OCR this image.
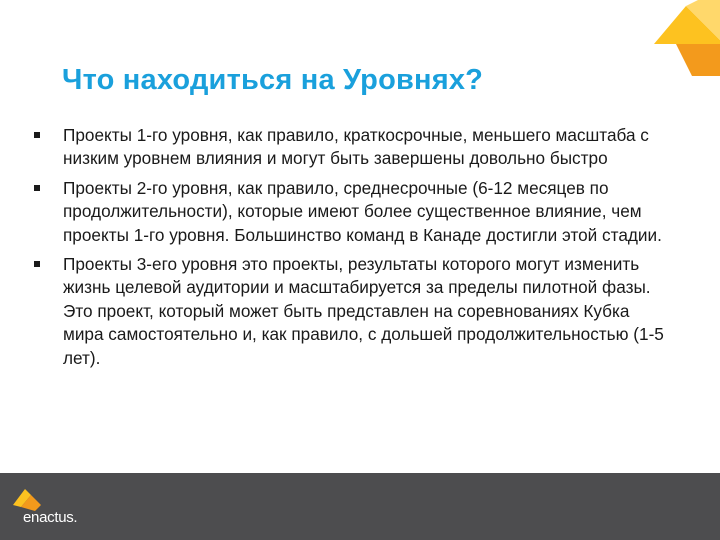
Что находиться на Уровнях?
Проекты 1-го уровня, как правило, краткосрочные, меньшего масштаба с низким уровнем влияния и могут быть завершены довольно быстро
Проекты 2-го уровня, как правило, среднесрочные (6-12 месяцев по продолжительности), которые имеют более существенное влияние, чем проекты 1-го уровня. Большинство команд в Канаде достигли этой стадии.
Проекты 3-его уровня это проекты, результаты которого могут изменить жизнь целевой аудитории и масштабируется за пределы пилотной фазы. Это проект, который может быть представлен на соревнованиях Кубка мира самостоятельно и, как правило, с дольшей продолжительностью (1-5 лет).
enactus.
